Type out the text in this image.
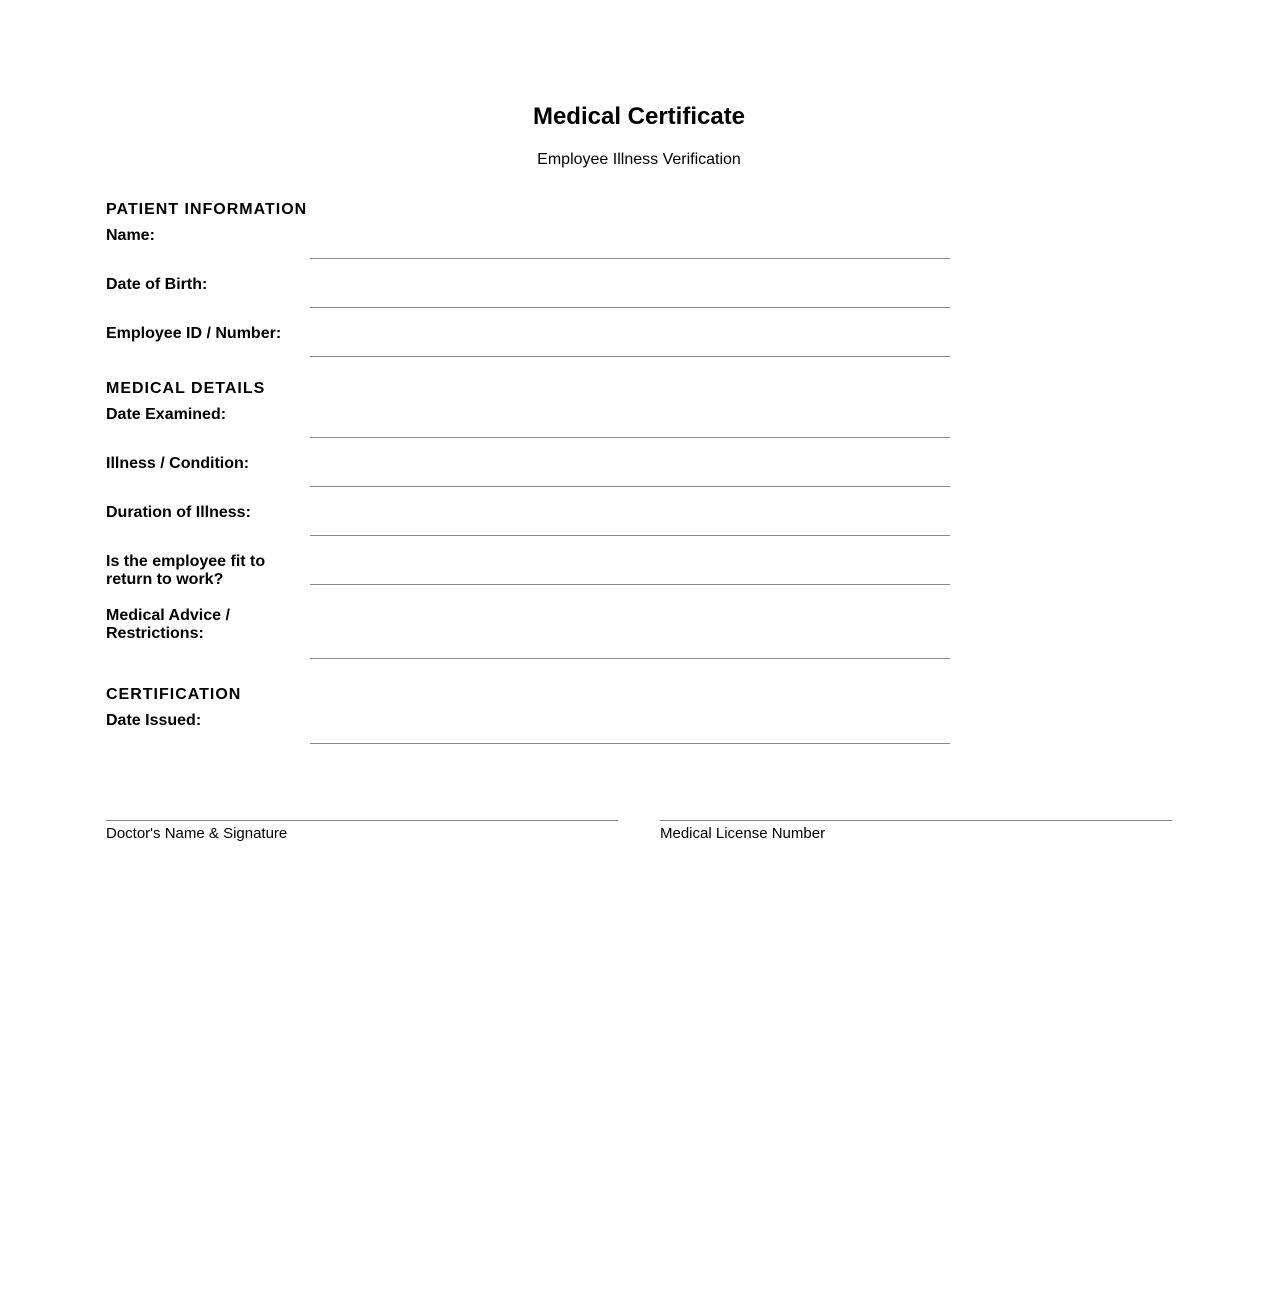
Medical Certificate
Employee Illness Verification
PATIENT INFORMATION
Name:
Date of Birth:
Employee ID / Number:
MEDICAL DETAILS
Date Examined:
Illness / Condition:
Duration of Illness:
Is the employee fit to return to work?
Medical Advice / Restrictions:
CERTIFICATION
Date Issued:
Doctor's Name & Signature	Medical License Number
